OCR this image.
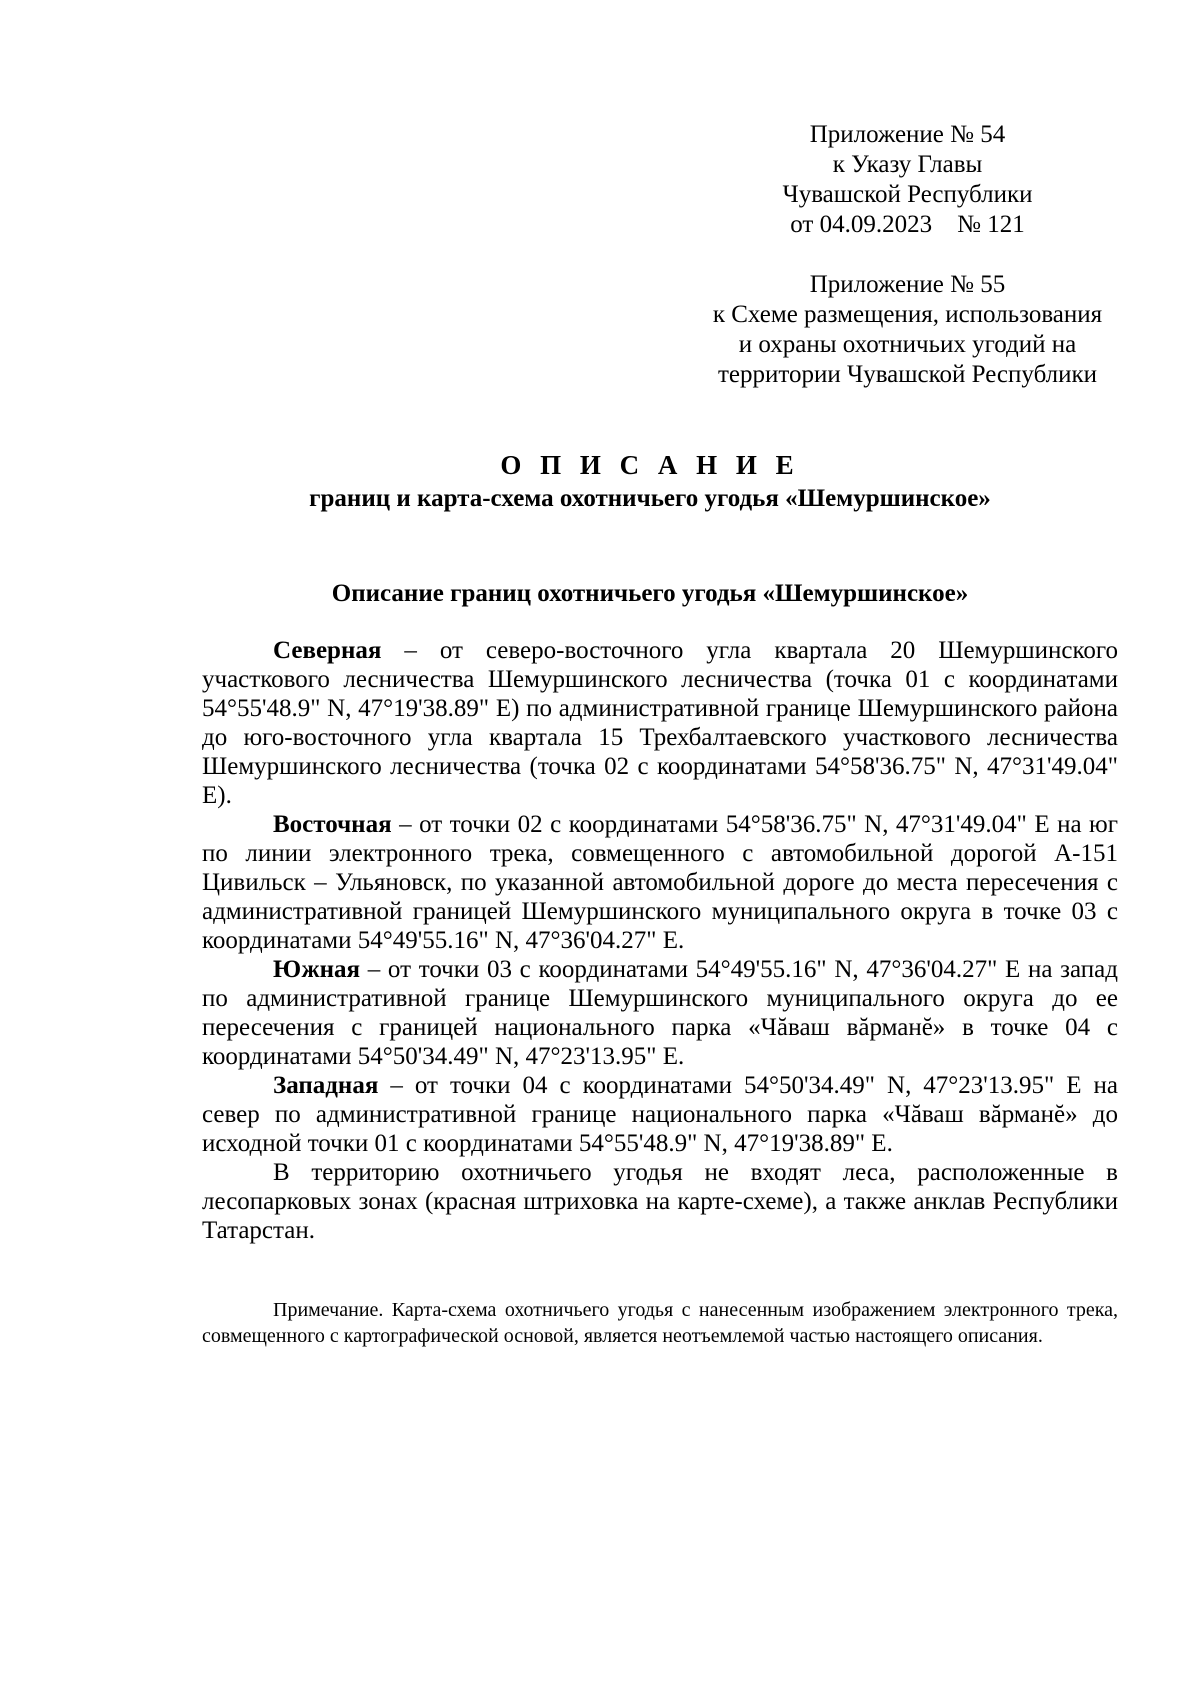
Приложение № 54
к Указу Главы
Чувашской Республики
от 04.09.2023    № 121
Приложение № 55
к Схеме размещения, использования
и охраны охотничьих угодий на
территории Чувашской Республики
О П И С А Н И Е
границ и карта-схема охотничьего угодья «Шемуршинское»
Описание границ охотничьего угодья «Шемуршинское»

Северная – от северо-восточного угла квартала 20 Шемуршинского участкового лесничества Шемуршинского лесничества (точка 01 с координатами 54°55'48.9" N, 47°19'38.89" E) по административной границе Шемуршинского района до юго-восточного угла квартала 15 Трехбалтаевского участкового лесничества Шемуршинского лесничества (точка 02 с координатами 54°58'36.75" N, 47°31'49.04" E).

Восточная – от точки 02 с координатами 54°58'36.75" N, 47°31'49.04" E на юг по линии электронного трека, совмещенного с автомобильной дорогой А-151 Цивильск – Ульяновск, по указанной автомобильной дороге до места пересечения с административной границей Шемуршинского муниципального округа в точке 03 с координатами 54°49'55.16" N, 47°36'04.27" E.

Южная – от точки 03 с координатами 54°49'55.16" N, 47°36'04.27" E на запад по административной границе Шемуршинского муниципального округа до ее пересечения с границей национального парка «Чăваш вăрманĕ» в точке 04 с координатами 54°50'34.49" N, 47°23'13.95" E.

Западная – от точки 04 с координатами 54°50'34.49" N, 47°23'13.95" E на север по административной границе национального парка «Чăваш вăрманĕ» до исходной точки 01 с координатами 54°55'48.9" N, 47°19'38.89" E.

В территорию охотничьего угодья не входят леса, расположенные в лесопарковых зонах (красная штриховка на карте-схеме), а также анклав Республики Татарстан.

Примечание. Карта-схема охотничьего угодья с нанесенным изображением электронного трека, совмещенного с картографической основой, является неотъемлемой частью настоящего описания.
